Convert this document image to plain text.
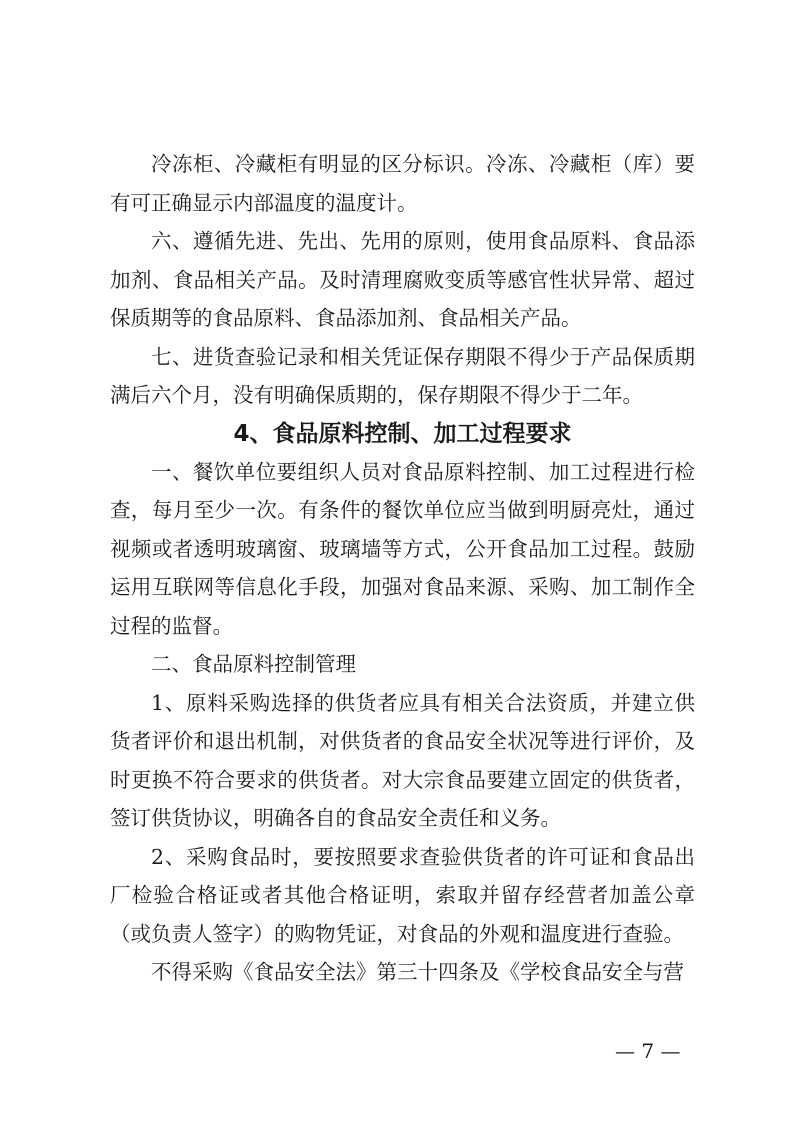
冷冻柜、冷藏柜有明显的区分标识。冷冻、冷藏柜（库）要有可正确显示内部温度的温度计。

六、遵循先进、先出、先用的原则，使用食品原料、食品添加剂、食品相关产品。及时清理腐败变质等感官性状异常、超过保质期等的食品原料、食品添加剂、食品相关产品。

七、进货查验记录和相关凭证保存期限不得少于产品保质期满后六个月，没有明确保质期的，保存期限不得少于二年。

4、食品原料控制、加工过程要求

一、餐饮单位要组织人员对食品原料控制、加工过程进行检查，每月至少一次。有条件的餐饮单位应当做到明厨亮灶，通过视频或者透明玻璃窗、玻璃墙等方式，公开食品加工过程。鼓励运用互联网等信息化手段，加强对食品来源、采购、加工制作全过程的监督。

二、食品原料控制管理

1、原料采购选择的供货者应具有相关合法资质，并建立供货者评价和退出机制，对供货者的食品安全状况等进行评价，及时更换不符合要求的供货者。对大宗食品要建立固定的供货者，签订供货协议，明确各自的食品安全责任和义务。

2、采购食品时，要按照要求查验供货者的许可证和食品出厂检验合格证或者其他合格证明，索取并留存经营者加盖公章（或负责人签字）的购物凭证，对食品的外观和温度进行查验。

不得采购《食品安全法》第三十四条及《学校食品安全与营

— 7 —
